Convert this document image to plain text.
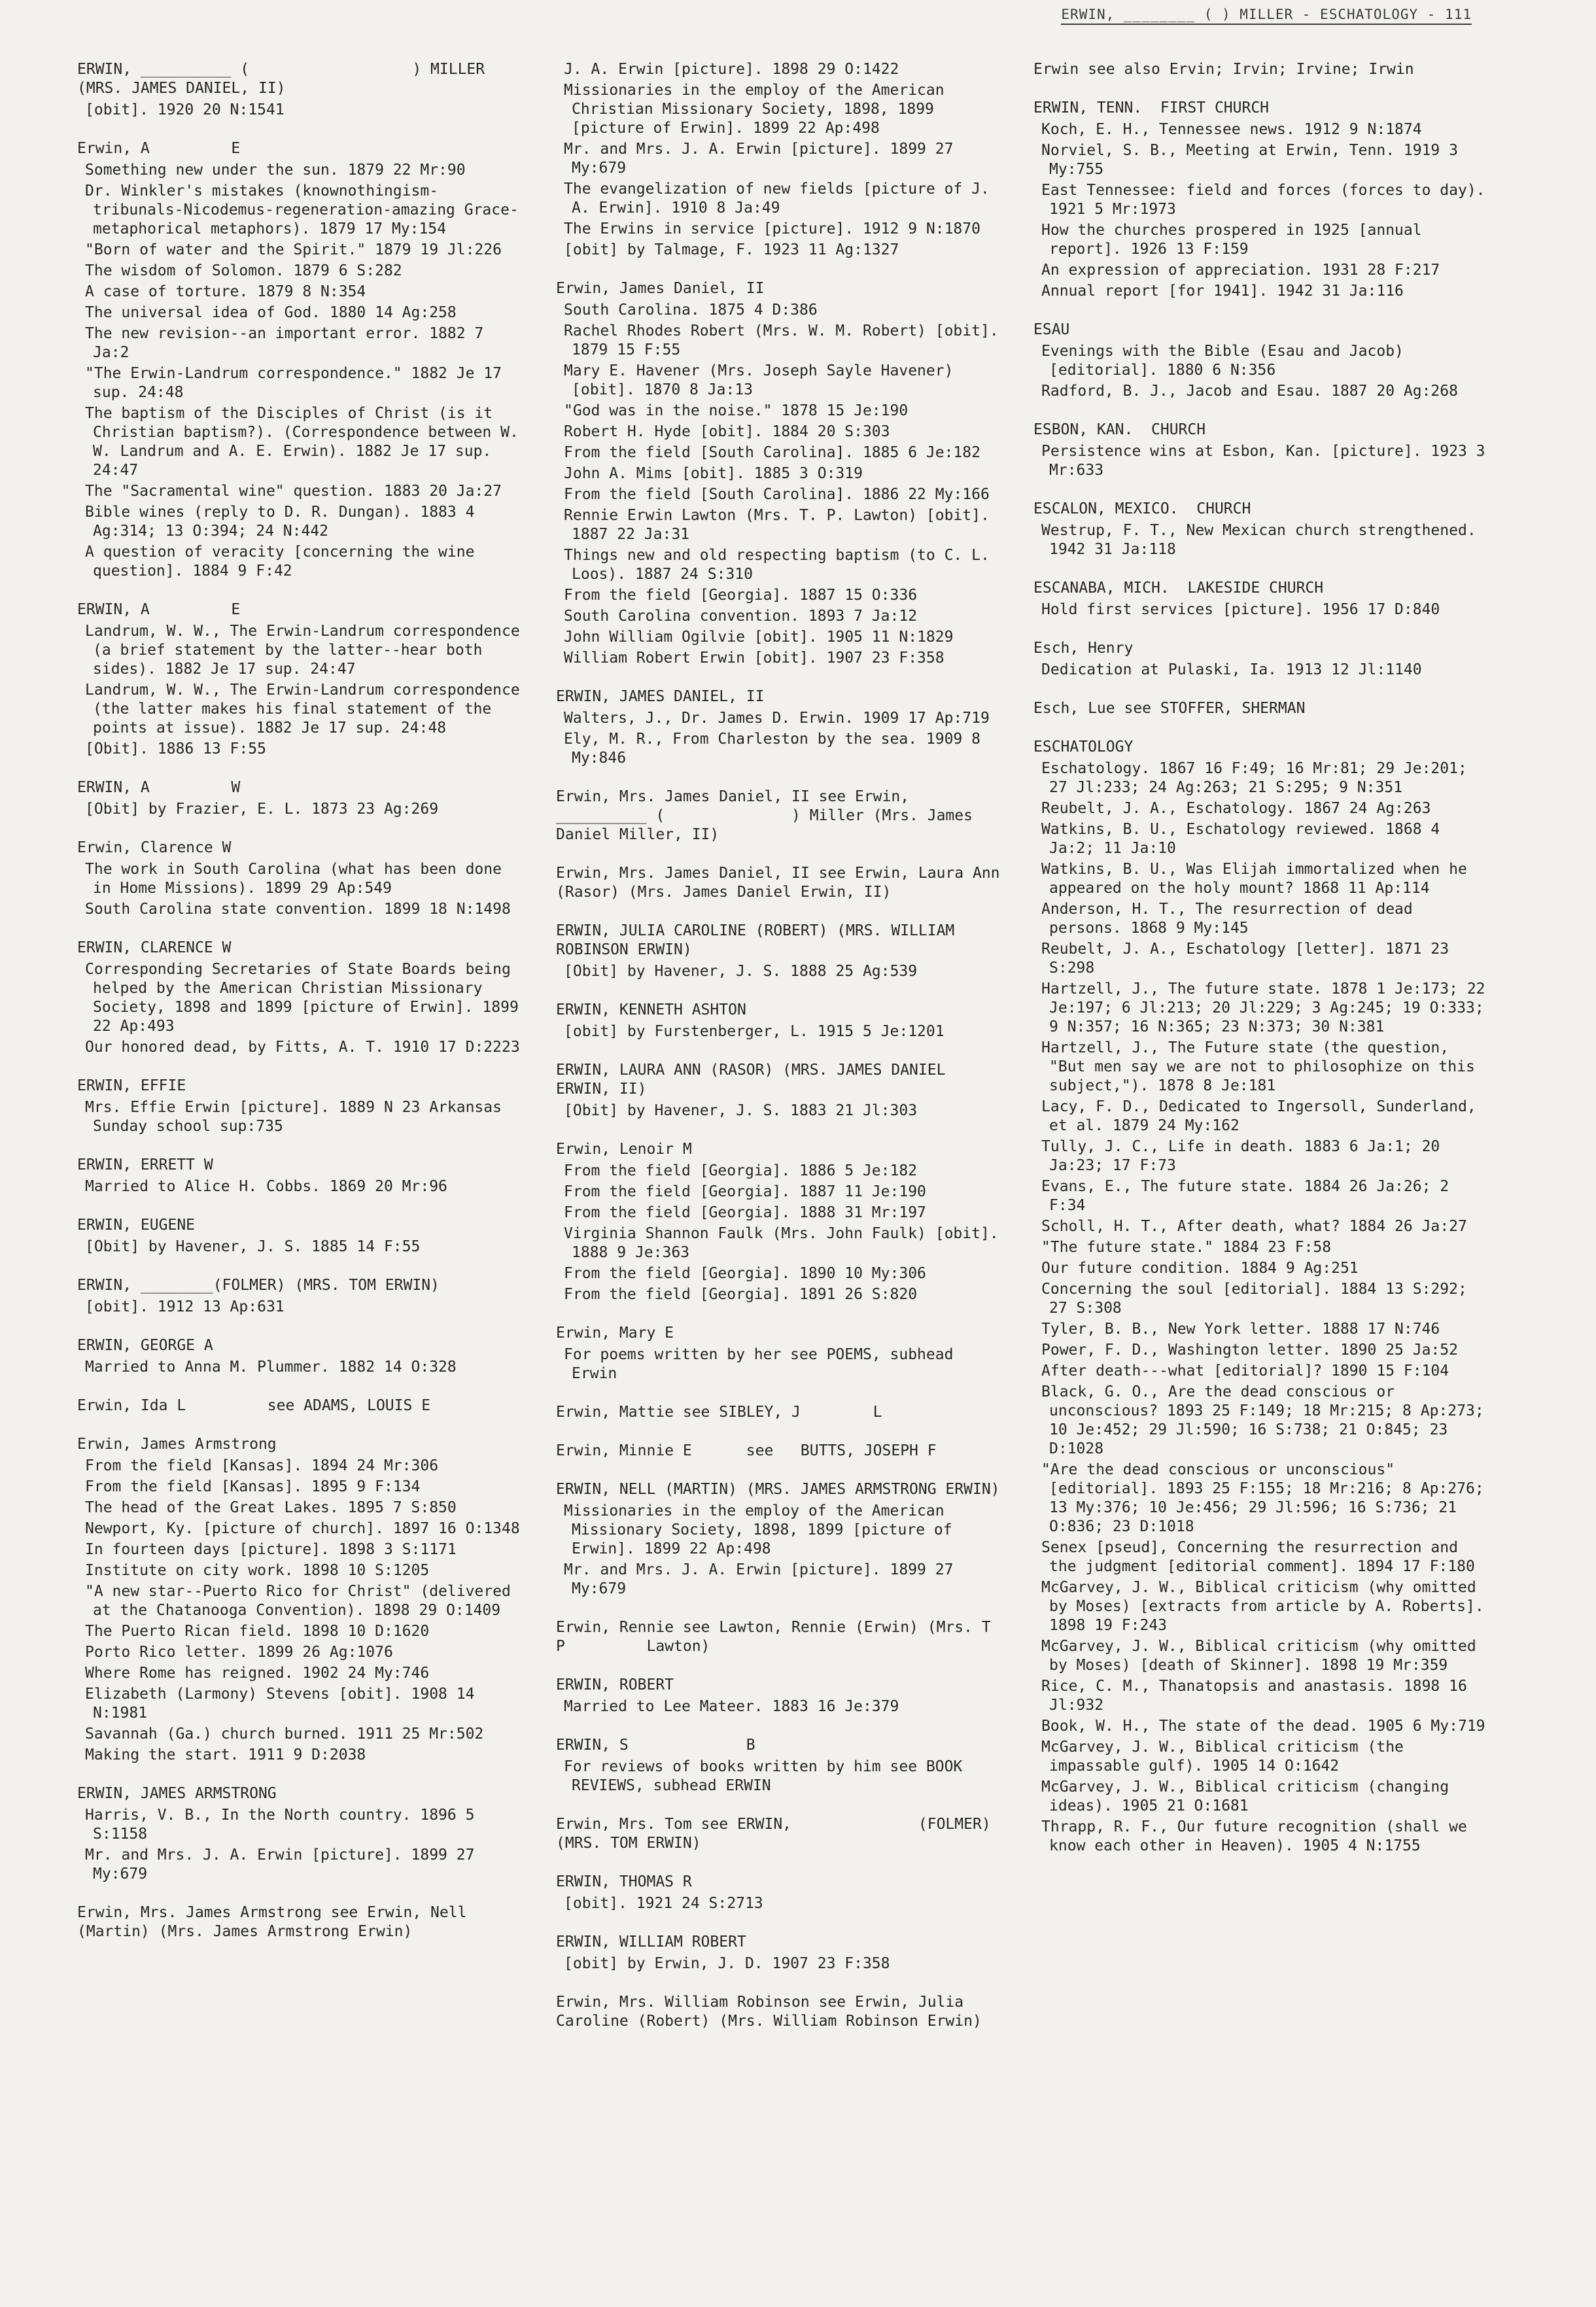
ERWIN, ________ ( ) MILLER - ESCHATOLOGY - 111
ERWIN, __________ (                  ) MILLER (MRS. JAMES DANIEL, II)
[obit]. 1920 20 N:1541
Erwin, A         E
Something new under the sun. 1879 22 Mr:90
Dr. Winkler's mistakes (knownothingism-tribunals-Nicodemus-regeneration-amazing Grace-metaphorical metaphors). 1879 17 My:154
"Born of water and the Spirit." 1879 19 Jl:226
The wisdom of Solomon. 1879 6 S:282
A case of torture. 1879 8 N:354
The universal idea of God. 1880 14 Ag:258
The new revision--an important error. 1882 7 Ja:2
"The Erwin-Landrum correspondence." 1882 Je 17 sup. 24:48
The baptism of the Disciples of Christ (is it Christian baptism?). (Correspondence between W. W. Landrum and A. E. Erwin). 1882 Je 17 sup. 24:47
The "Sacramental wine" question. 1883 20 Ja:27
Bible wines (reply to D. R. Dungan). 1883 4 Ag:314; 13 O:394; 24 N:442
A question of veracity [concerning the wine question]. 1884 9 F:42
ERWIN, A         E
Landrum, W. W., The Erwin-Landrum correspondence (a brief statement by the latter--hear both sides). 1882 Je 17 sup. 24:47
Landrum, W. W., The Erwin-Landrum correspondence (the latter makes his final statement of the points at issue). 1882 Je 17 sup. 24:48
[Obit]. 1886 13 F:55
ERWIN, A         W
[Obit] by Frazier, E. L. 1873 23 Ag:269
Erwin, Clarence W
The work in South Carolina (what has been done in Home Missions). 1899 29 Ap:549
South Carolina state convention. 1899 18 N:1498
ERWIN, CLARENCE W
Corresponding Secretaries of State Boards being helped by the American Christian Missionary Society, 1898 and 1899 [picture of Erwin]. 1899 22 Ap:493
Our honored dead, by Fitts, A. T. 1910 17 D:2223
ERWIN, EFFIE
Mrs. Effie Erwin [picture]. 1889 N 23 Arkansas Sunday school sup:735
ERWIN, ERRETT W
Married to Alice H. Cobbs. 1869 20 Mr:96
ERWIN, EUGENE
[Obit] by Havener, J. S. 1885 14 F:55
ERWIN, ________(FOLMER) (MRS. TOM ERWIN)
[obit]. 1912 13 Ap:631
ERWIN, GEORGE A
Married to Anna M. Plummer. 1882 14 O:328
Erwin, Ida L         see ADAMS, LOUIS E
Erwin, James Armstrong
From the field [Kansas]. 1894 24 Mr:306
From the field [Kansas]. 1895 9 F:134
The head of the Great Lakes. 1895 7 S:850
Newport, Ky. [picture of church]. 1897 16 O:1348
In fourteen days [picture]. 1898 3 S:1171
Institute on city work. 1898 10 S:1205
"A new star--Puerto Rico for Christ" (delivered at the Chatanooga Convention). 1898 29 O:1409
The Puerto Rican field. 1898 10 D:1620
Porto Rico letter. 1899 26 Ag:1076
Where Rome has reigned. 1902 24 My:746
Elizabeth (Larmony) Stevens [obit]. 1908 14 N:1981
Savannah (Ga.) church burned. 1911 25 Mr:502
Making the start. 1911 9 D:2038
ERWIN, JAMES ARMSTRONG
Harris, V. B., In the North country. 1896 5 S:1158
Mr. and Mrs. J. A. Erwin [picture]. 1899 27 My:679
Erwin, Mrs. James Armstrong see Erwin, Nell (Martin) (Mrs. James Armstrong Erwin)
J. A. Erwin [picture]. 1898 29 O:1422
Missionaries in the employ of the American Christian Missionary Society, 1898, 1899 [picture of Erwin]. 1899 22 Ap:498
Mr. and Mrs. J. A. Erwin [picture]. 1899 27 My:679
The evangelization of new fields [picture of J. A. Erwin]. 1910 8 Ja:49
The Erwins in service [picture]. 1912 9 N:1870
[obit] by Talmage, F. 1923 11 Ag:1327
Erwin, James Daniel, II
South Carolina. 1875 4 D:386
Rachel Rhodes Robert (Mrs. W. M. Robert) [obit]. 1879 15 F:55
Mary E. Havener (Mrs. Joseph Sayle Havener) [obit]. 1870 8 Ja:13
"God was in the noise." 1878 15 Je:190
Robert H. Hyde [obit]. 1884 20 S:303
From the field [South Carolina]. 1885 6 Je:182
John A. Mims [obit]. 1885 3 O:319
From the field [South Carolina]. 1886 22 My:166
Rennie Erwin Lawton (Mrs. T. P. Lawton) [obit]. 1887 22 Ja:31
Things new and old respecting baptism (to C. L. Loos). 1887 24 S:310
From the field [Georgia]. 1887 15 O:336
South Carolina convention. 1893 7 Ja:12
John William Ogilvie [obit]. 1905 11 N:1829
William Robert Erwin [obit]. 1907 23 F:358
ERWIN, JAMES DANIEL, II
Walters, J., Dr. James D. Erwin. 1909 17 Ap:719
Ely, M. R., From Charleston by the sea. 1909 8 My:846
Erwin, Mrs. James Daniel, II see Erwin, __________ (              ) Miller (Mrs. James Daniel Miller, II)
Erwin, Mrs. James Daniel, II see Erwin, Laura Ann (Rasor) (Mrs. James Daniel Erwin, II)
ERWIN, JULIA CAROLINE (ROBERT) (MRS. WILLIAM ROBINSON ERWIN)
[Obit] by Havener, J. S. 1888 25 Ag:539
ERWIN, KENNETH ASHTON
[obit] by Furstenberger, L. 1915 5 Je:1201
ERWIN, LAURA ANN (RASOR) (MRS. JAMES DANIEL ERWIN, II)
[Obit] by Havener, J. S. 1883 21 Jl:303
Erwin, Lenoir M
From the field [Georgia]. 1886 5 Je:182
From the field [Georgia]. 1887 11 Je:190
From the field [Georgia]. 1888 31 Mr:197
Virginia Shannon Faulk (Mrs. John Faulk) [obit]. 1888 9 Je:363
From the field [Georgia]. 1890 10 My:306
From the field [Georgia]. 1891 26 S:820
Erwin, Mary E
For poems written by her see POEMS, subhead Erwin
Erwin, Mattie see SIBLEY, J        L
Erwin, Minnie E      see   BUTTS, JOSEPH F
ERWIN, NELL (MARTIN) (MRS. JAMES ARMSTRONG ERWIN)
Missionaries in the employ of the American Missionary Society, 1898, 1899 [picture of Erwin]. 1899 22 Ap:498
Mr. and Mrs. J. A. Erwin [picture]. 1899 27 My:679
Erwin, Rennie see Lawton, Rennie (Erwin) (Mrs. T         P         Lawton)
ERWIN, ROBERT
Married to Lee Mateer. 1883 16 Je:379
ERWIN, S             B
For reviews of books written by him see BOOK REVIEWS, subhead ERWIN
Erwin, Mrs. Tom see ERWIN,              (FOLMER) (MRS. TOM ERWIN)
ERWIN, THOMAS R
[obit]. 1921 24 S:2713
ERWIN, WILLIAM ROBERT
[obit] by Erwin, J. D. 1907 23 F:358
Erwin, Mrs. William Robinson see Erwin, Julia Caroline (Robert) (Mrs. William Robinson Erwin)
Erwin see also Ervin; Irvin; Irvine; Irwin
ERWIN, TENN.  FIRST CHURCH
Koch, E. H., Tennessee news. 1912 9 N:1874
Norviel, S. B., Meeting at Erwin, Tenn. 1919 3 My:755
East Tennessee: field and forces (forces to day). 1921 5 Mr:1973
How the churches prospered in 1925 [annual report]. 1926 13 F:159
An expression of appreciation. 1931 28 F:217
Annual report [for 1941]. 1942 31 Ja:116
ESAU
Evenings with the Bible (Esau and Jacob) [editorial]. 1880 6 N:356
Radford, B. J., Jacob and Esau. 1887 20 Ag:268
ESBON, KAN.  CHURCH
Persistence wins at Esbon, Kan. [picture]. 1923 3 Mr:633
ESCALON, MEXICO.  CHURCH
Westrup, F. T., New Mexican church strengthened. 1942 31 Ja:118
ESCANABA, MICH.  LAKESIDE CHURCH
Hold first services [picture]. 1956 17 D:840
Esch, Henry
Dedication at Pulaski, Ia. 1913 12 Jl:1140
Esch, Lue see STOFFER, SHERMAN
ESCHATOLOGY
Eschatology. 1867 16 F:49; 16 Mr:81; 29 Je:201; 27 Jl:233; 24 Ag:263; 21 S:295; 9 N:351
Reubelt, J. A., Eschatology. 1867 24 Ag:263
Watkins, B. U., Eschatology reviewed. 1868 4 Ja:2; 11 Ja:10
Watkins, B. U., Was Elijah immortalized when he appeared on the holy mount? 1868 11 Ap:114
Anderson, H. T., The resurrection of dead persons. 1868 9 My:145
Reubelt, J. A., Eschatology [letter]. 1871 23 S:298
Hartzell, J., The future state. 1878 1 Je:173; 22 Je:197; 6 Jl:213; 20 Jl:229; 3 Ag:245; 19 O:333; 9 N:357; 16 N:365; 23 N:373; 30 N:381
Hartzell, J., The Future state (the question, "But men say we are not to philosophize on this subject,"). 1878 8 Je:181
Lacy, F. D., Dedicated to Ingersoll, Sunderland, et al. 1879 24 My:162
Tully, J. C., Life in death. 1883 6 Ja:1; 20 Ja:23; 17 F:73
Evans, E., The future state. 1884 26 Ja:26; 2 F:34
Scholl, H. T., After death, what? 1884 26 Ja:27
"The future state." 1884 23 F:58
Our future condition. 1884 9 Ag:251
Concerning the soul [editorial]. 1884 13 S:292; 27 S:308
Tyler, B. B., New York letter. 1888 17 N:746
Power, F. D., Washington letter. 1890 25 Ja:52
After death---what [editorial]? 1890 15 F:104
Black, G. O., Are the dead conscious or unconscious? 1893 25 F:149; 18 Mr:215; 8 Ap:273; 10 Je:452; 29 Jl:590; 16 S:738; 21 O:845; 23 D:1028
"Are the dead conscious or unconscious" [editorial]. 1893 25 F:155; 18 Mr:216; 8 Ap:276; 13 My:376; 10 Je:456; 29 Jl:596; 16 S:736; 21 O:836; 23 D:1018
Senex [pseud], Concerning the resurrection and the judgment [editorial comment]. 1894 17 F:180
McGarvey, J. W., Biblical criticism (why omitted by Moses) [extracts from article by A. Roberts]. 1898 19 F:243
McGarvey, J. W., Biblical criticism (why omitted by Moses) [death of Skinner]. 1898 19 Mr:359
Rice, C. M., Thanatopsis and anastasis. 1898 16 Jl:932
Book, W. H., The state of the dead. 1905 6 My:719
McGarvey, J. W., Biblical criticism (the impassable gulf). 1905 14 O:1642
McGarvey, J. W., Biblical criticism (changing ideas). 1905 21 O:1681
Thrapp, R. F., Our future recognition (shall we know each other in Heaven). 1905 4 N:1755
